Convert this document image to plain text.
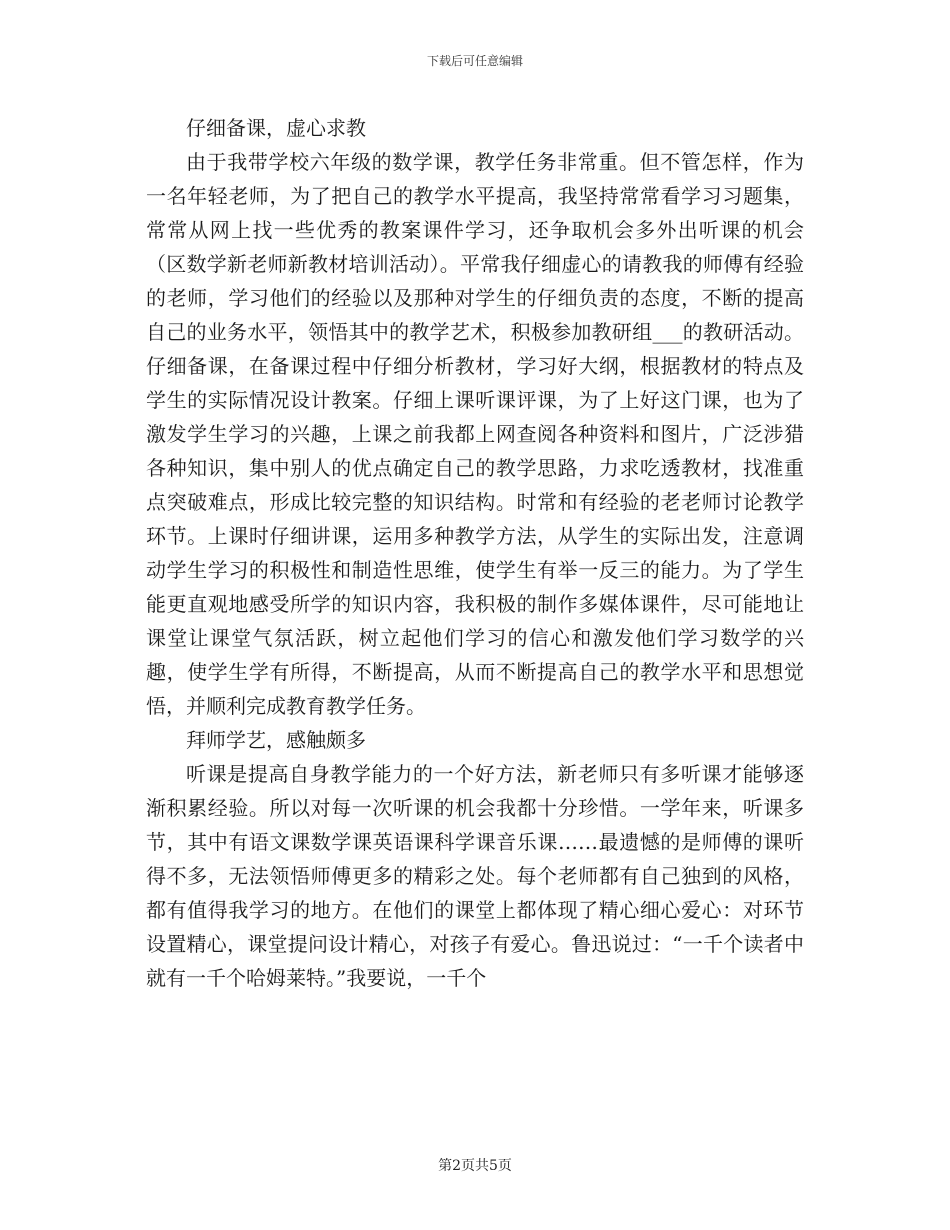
下载后可任意编辑

仔细备课，虚心求教

由于我带学校六年级的数学课，教学任务非常重。但不管怎样，作为一名年轻老师，为了把自己的教学水平提高，我坚持常常看学习习题集，常常从网上找一些优秀的教案课件学习，还争取机会多外出听课的机会（区数学新老师新教材培训活动）。平常我仔细虚心的请教我的师傅有经验的老师，学习他们的经验以及那种对学生的仔细负责的态度，不断的提高自己的业务水平，领悟其中的教学艺术，积极参加教研组___的教研活动。仔细备课，在备课过程中仔细分析教材，学习好大纲，根据教材的特点及学生的实际情况设计教案。仔细上课听课评课，为了上好这门课，也为了激发学生学习的兴趣，上课之前我都上网查阅各种资料和图片，广泛涉猎各种知识，集中别人的优点确定自己的教学思路，力求吃透教材，找准重点突破难点，形成比较完整的知识结构。时常和有经验的老老师讨论教学环节。上课时仔细讲课，运用多种教学方法，从学生的实际出发，注意调动学生学习的积极性和制造性思维，使学生有举一反三的能力。为了学生能更直观地感受所学的知识内容，我积极的制作多媒体课件，尽可能地让课堂让课堂气氛活跃，树立起他们学习的信心和激发他们学习数学的兴趣，使学生学有所得，不断提高，从而不断提高自己的教学水平和思想觉悟，并顺利完成教育教学任务。

拜师学艺，感触颇多

听课是提高自身教学能力的一个好方法，新老师只有多听课才能够逐渐积累经验。所以对每一次听课的机会我都十分珍惜。一学年来，听课多节，其中有语文课数学课英语课科学课音乐课……最遗憾的是师傅的课听得不多，无法领悟师傅更多的精彩之处。每个老师都有自己独到的风格，都有值得我学习的地方。在他们的课堂上都体现了精心细心爱心：对环节设置精心，课堂提问设计精心，对孩子有爱心。鲁迅说过：“一千个读者中就有一千个哈姆莱特。”我要说，一千个

第2页共5页
